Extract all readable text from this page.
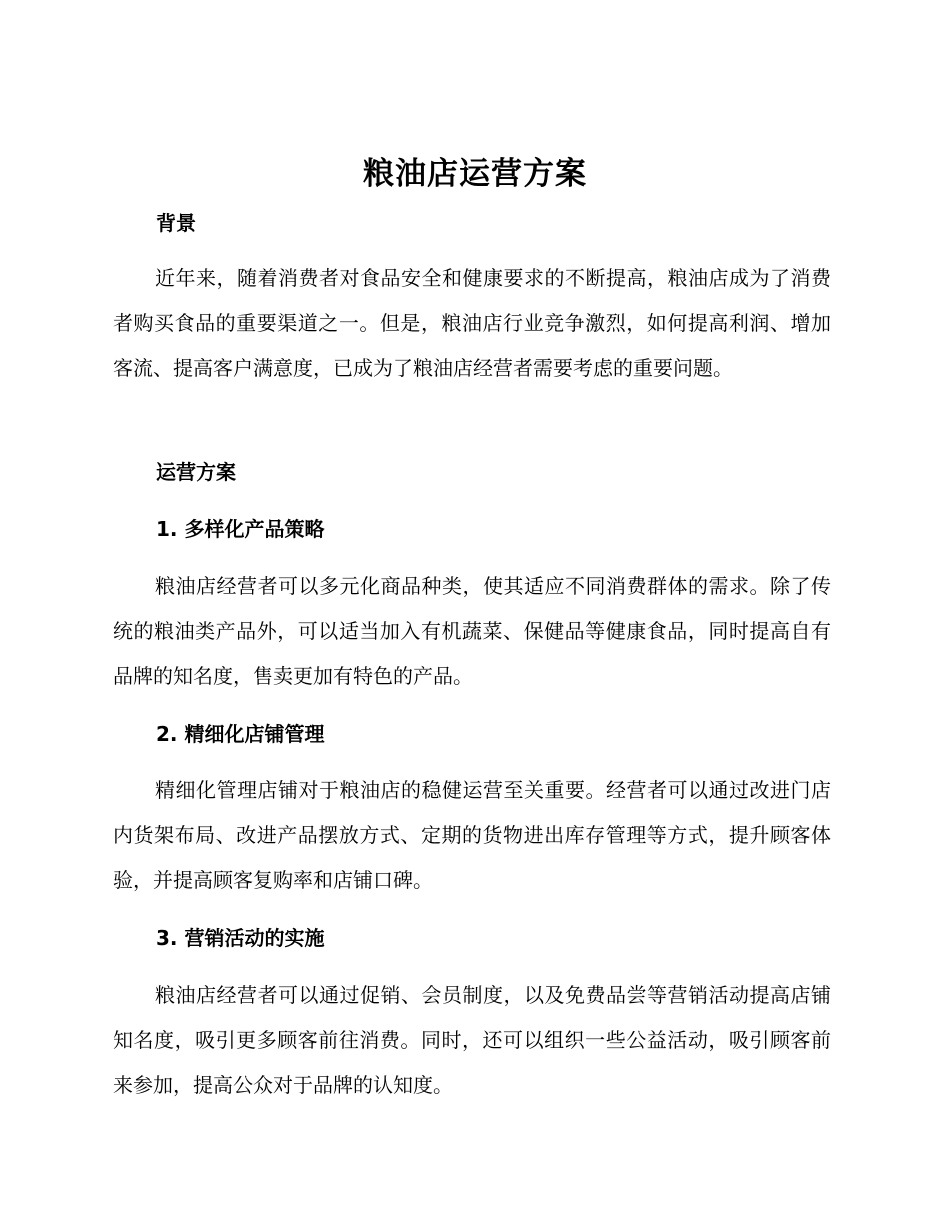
粮油店运营方案
背景

近年来，随着消费者对食品安全和健康要求的不断提高，粮油店成为了消费者购买食品的重要渠道之一。但是，粮油店行业竞争激烈，如何提高利润、增加客流、提高客户满意度，已成为了粮油店经营者需要考虑的重要问题。

运营方案
1. 多样化产品策略

粮油店经营者可以多元化商品种类，使其适应不同消费群体的需求。除了传统的粮油类产品外，可以适当加入有机蔬菜、保健品等健康食品，同时提高自有品牌的知名度，售卖更加有特色的产品。

2. 精细化店铺管理

精细化管理店铺对于粮油店的稳健运营至关重要。经营者可以通过改进门店内货架布局、改进产品摆放方式、定期的货物进出库存管理等方式，提升顾客体验，并提高顾客复购率和店铺口碑。

3. 营销活动的实施

粮油店经营者可以通过促销、会员制度，以及免费品尝等营销活动提高店铺知名度，吸引更多顾客前往消费。同时，还可以组织一些公益活动，吸引顾客前来参加，提高公众对于品牌的认知度。
